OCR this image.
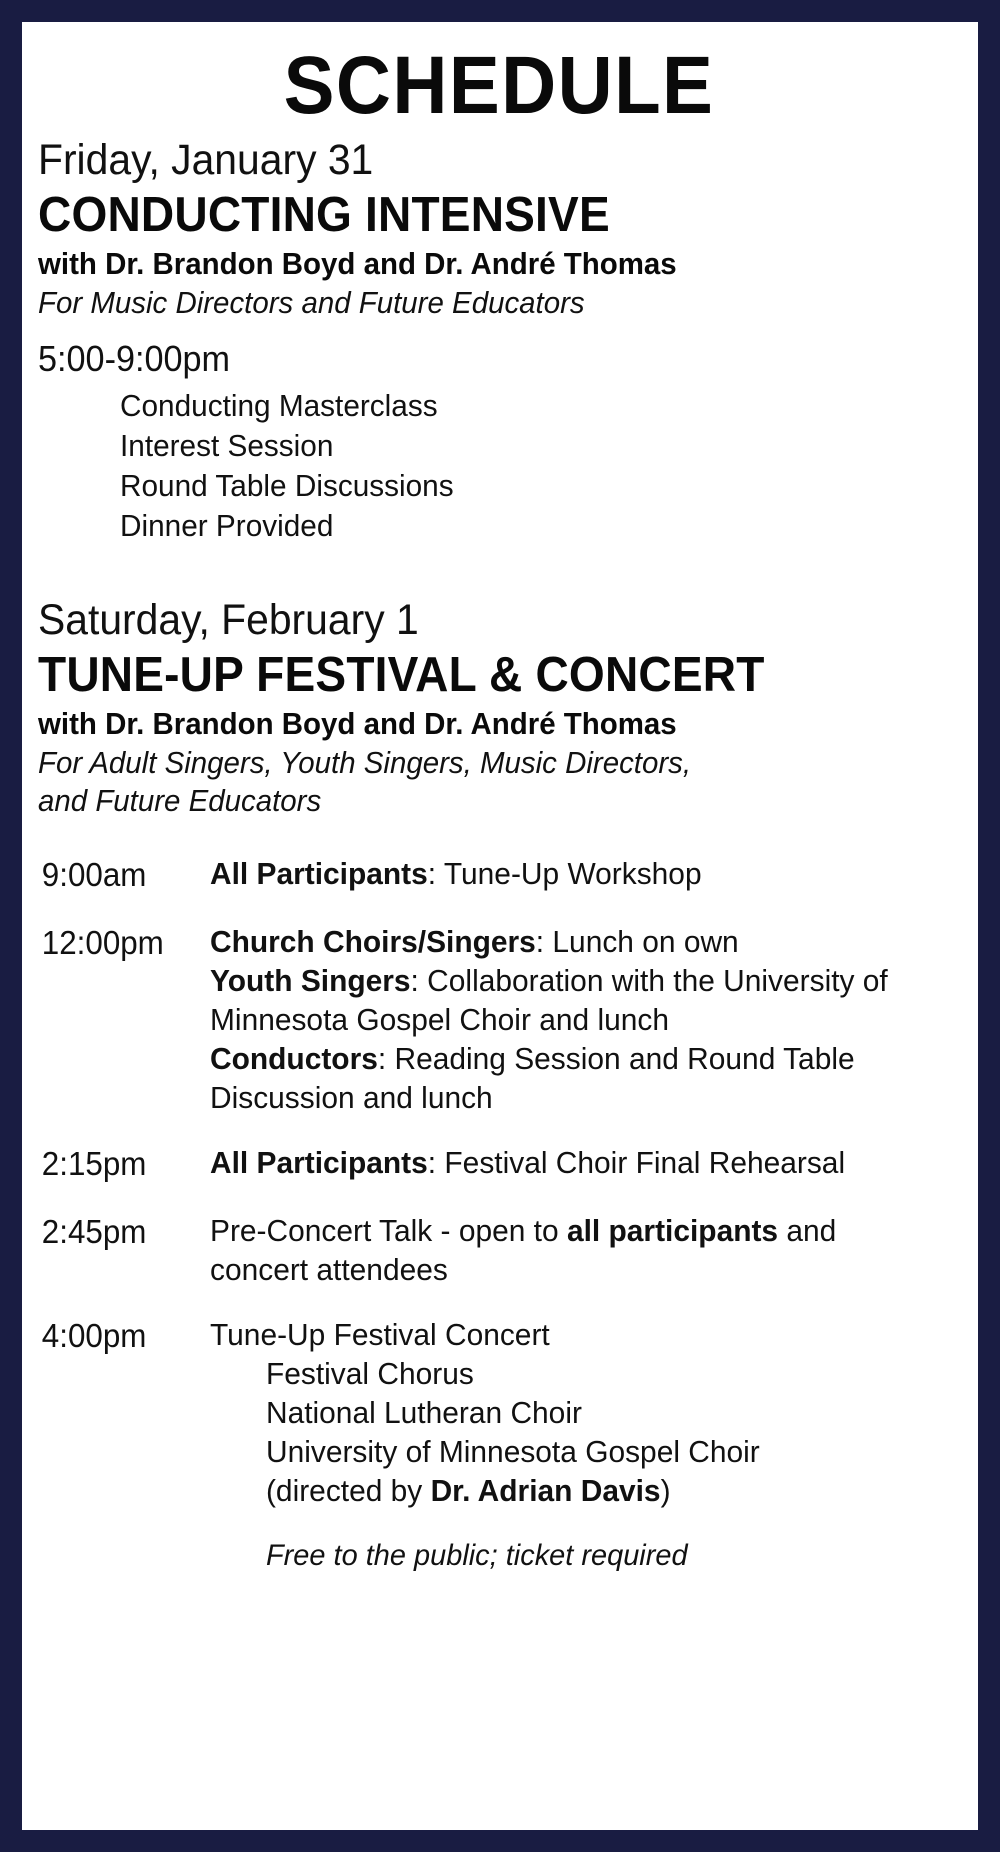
SCHEDULE
Friday, January 31
CONDUCTING INTENSIVE
with Dr. Brandon Boyd and Dr. André Thomas
For Music Directors and Future Educators
5:00-9:00pm
Conducting Masterclass
Interest Session
Round Table Discussions
Dinner Provided
Saturday, February 1
TUNE-UP FESTIVAL & CONCERT
with Dr. Brandon Boyd and Dr. André Thomas
For Adult Singers, Youth Singers, Music Directors,
and Future Educators
9:00am	All Participants: Tune-Up Workshop
12:00pm	Church Choirs/Singers: Lunch on own
Youth Singers: Collaboration with the University of Minnesota Gospel Choir and lunch
Conductors: Reading Session and Round Table Discussion and lunch
2:15pm	All Participants: Festival Choir Final Rehearsal
2:45pm	Pre-Concert Talk - open to all participants and concert attendees
4:00pm	Tune-Up Festival Concert
Festival Chorus
National Lutheran Choir
University of Minnesota Gospel Choir
(directed by Dr. Adrian Davis)
Free to the public; ticket required
